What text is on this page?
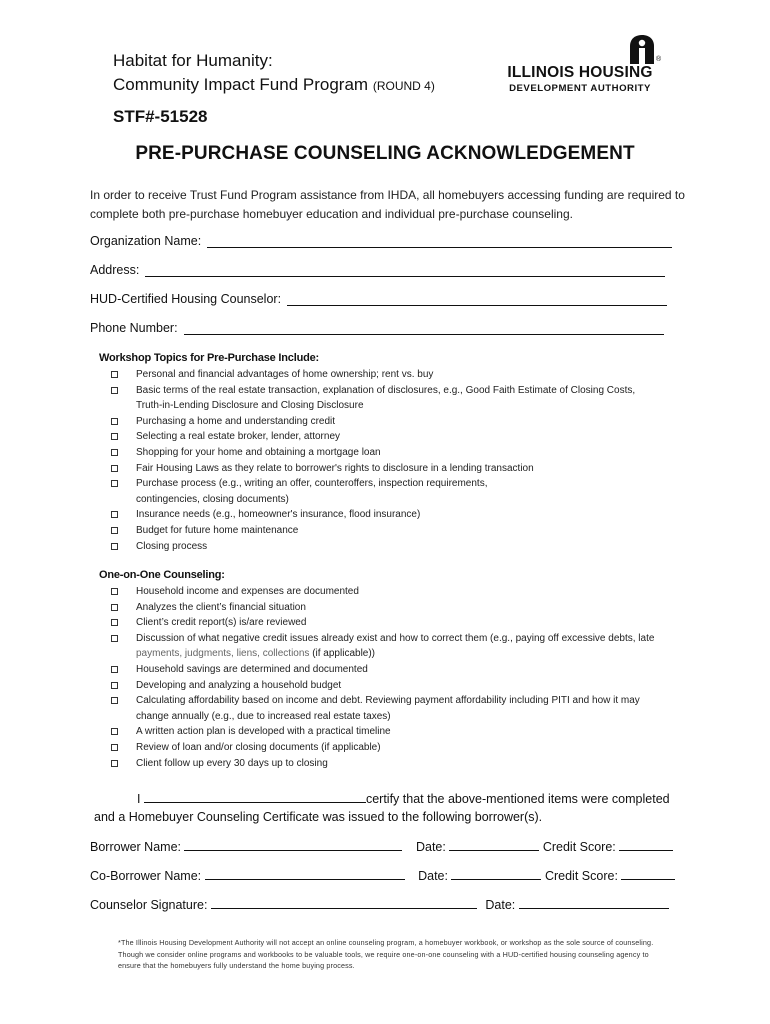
Habitat for Humanity:
Community Impact Fund Program (ROUND 4)
STF#-51528
®
ILLINOIS HOUSING
DEVELOPMENT AUTHORITY
PRE-PURCHASE COUNSELING ACKNOWLEDGEMENT
In order to receive Trust Fund Program assistance from IHDA, all homebuyers accessing funding are required to complete both pre-purchase homebuyer education and individual pre-purchase counseling.
Organization Name:
Address:
HUD-Certified Housing Counselor:
Phone Number:
Workshop Topics for Pre-Purchase Include:
Personal and financial advantages of home ownership; rent vs. buy
Basic terms of the real estate transaction, explanation of disclosures, e.g., Good Faith Estimate of Closing Costs,
Truth-in-Lending Disclosure and Closing Disclosure
Purchasing a home and understanding credit
Selecting a real estate broker, lender, attorney
Shopping for your home and obtaining a mortgage loan
Fair Housing Laws as they relate to borrower's rights to disclosure in a lending transaction
Purchase process (e.g., writing an offer, counteroffers, inspection requirements,
contingencies, closing documents)
Insurance needs (e.g., homeowner's insurance, flood insurance)
Budget for future home maintenance
Closing process
One-on-One Counseling:
Household income and expenses are documented
Analyzes the client’s financial situation
Client’s credit report(s) is/are reviewed
Discussion of what negative credit issues already exist and how to correct them (e.g., paying off excessive debts, late
payments, judgments, liens, collections (if applicable))
Household savings are determined and documented
Developing and analyzing a household budget
Calculating affordability based on income and debt. Reviewing payment affordability including PITI and how it may
change annually (e.g., due to increased real estate taxes)
A written action plan is developed with a practical timeline
Review of loan and/or closing documents (if applicable)
Client follow up every 30 days up to closing
I	certify that the above-mentioned items were completed
and a Homebuyer Counseling Certificate was issued to the following borrower(s).
Borrower Name:	Date:	Credit Score:
Co-Borrower Name:	Date:	Credit Score:
Counselor Signature:	Date:
*The Illinois Housing Development Authority will not accept an online counseling program, a homebuyer workbook, or workshop as the sole source of counseling. Though we consider online programs and workbooks to be valuable tools, we require one-on-one counseling with a HUD-certified housing counseling agency to ensure that the homebuyers fully understand the home buying process.
